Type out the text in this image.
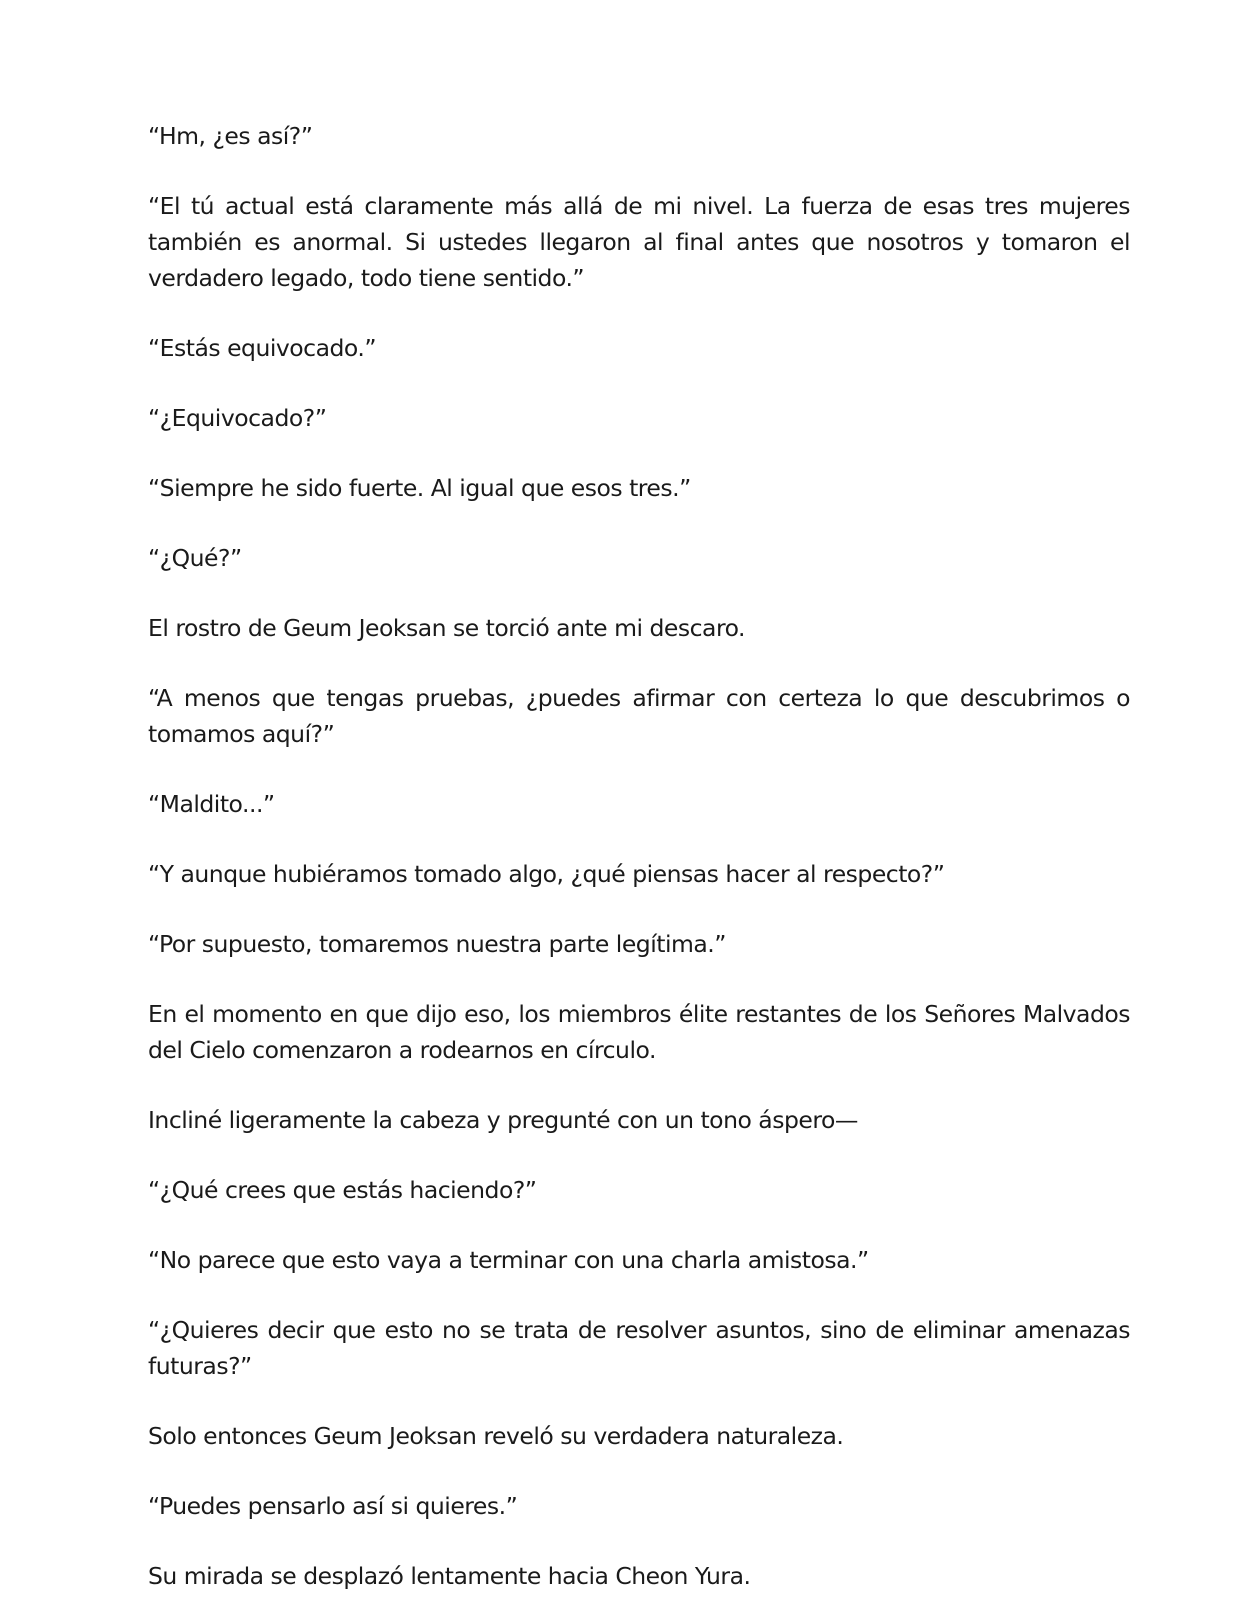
“Hm, ¿es así?”

“El tú actual está claramente más allá de mi nivel. La fuerza de esas tres mujeres también es anormal. Si ustedes llegaron al final antes que nosotros y tomaron el verdadero legado, todo tiene sentido.”

“Estás equivocado.”

“¿Equivocado?”

“Siempre he sido fuerte. Al igual que esos tres.”

“¿Qué?”

El rostro de Geum Jeoksan se torció ante mi descaro.

“A menos que tengas pruebas, ¿puedes afirmar con certeza lo que descubrimos o tomamos aquí?”

“Maldito...”

“Y aunque hubiéramos tomado algo, ¿qué piensas hacer al respecto?”

“Por supuesto, tomaremos nuestra parte legítima.”

En el momento en que dijo eso, los miembros élite restantes de los Señores Malvados del Cielo comenzaron a rodearnos en círculo.

Incliné ligeramente la cabeza y pregunté con un tono áspero—

“¿Qué crees que estás haciendo?”

“No parece que esto vaya a terminar con una charla amistosa.”

“¿Quieres decir que esto no se trata de resolver asuntos, sino de eliminar amenazas futuras?”

Solo entonces Geum Jeoksan reveló su verdadera naturaleza.

“Puedes pensarlo así si quieres.”

Su mirada se desplazó lentamente hacia Cheon Yura.
